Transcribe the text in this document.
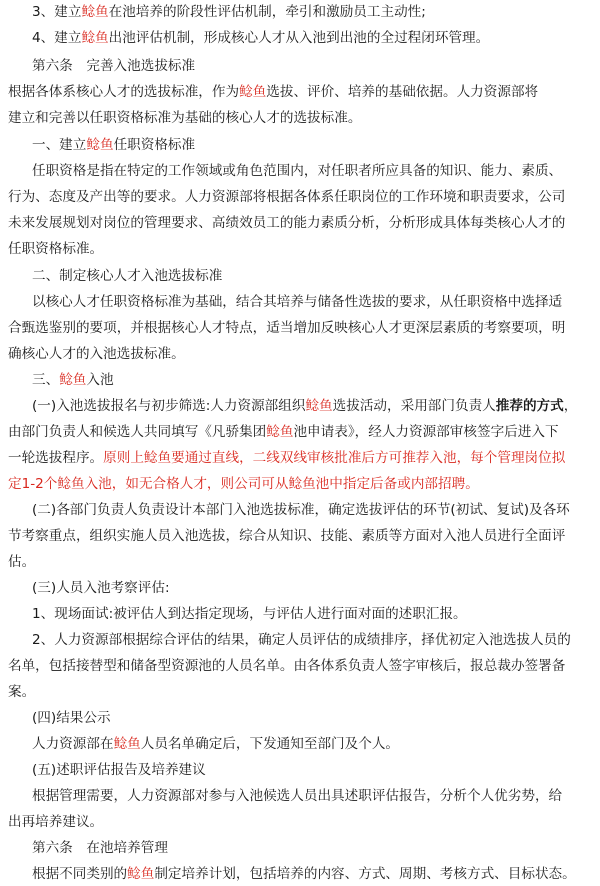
3、建立鲶鱼在池培养的阶段性评估机制，牵引和激励员工主动性;
4、建立鲶鱼出池评估机制，形成核心人才从入池到出池的全过程闭环管理。
第六条　完善入池选拔标准
根据各体系核心人才的选拔标准，作为鲶鱼选拔、评价、培养的基础依据。人力资源部将
建立和完善以任职资格标准为基础的核心人才的选拔标准。
一、建立鲶鱼任职资格标准
任职资格是指在特定的工作领域或角色范围内，对任职者所应具备的知识、能力、素质、
行为、态度及产出等的要求。人力资源部将根据各体系任职岗位的工作环境和职责要求，公司
未来发展规划对岗位的管理要求、高绩效员工的能力素质分析，分析形成具体每类核心人才的
任职资格标准。
二、制定核心人才入池选拔标准
以核心人才任职资格标准为基础，结合其培养与储备性选拔的要求，从任职资格中选择适
合甄选鉴别的要项，并根据核心人才特点，适当增加反映核心人才更深层素质的考察要项，明
确核心人才的入池选拔标准。
三、鲶鱼入池
(一)入池选拔报名与初步筛选:人力资源部组织鲶鱼选拔活动，采用部门负责人推荐的方式，
由部门负责人和候选人共同填写《凡骄集团鲶鱼池申请表》，经人力资源部审核签字后进入下
一轮选拔程序。原则上鲶鱼要通过直线，二线双线审核批准后方可推荐入池，每个管理岗位拟
定1-2个鲶鱼入池，如无合格人才，则公司可从鲶鱼池中指定后备或内部招聘。
(二)各部门负责人负责设计本部门入池选拔标准，确定选拔评估的环节(初试、复试)及各环
节考察重点，组织实施人员入池选拔，综合从知识、技能、素质等方面对入池人员进行全面评
估。
(三)人员入池考察评估:
1、现场面试:被评估人到达指定现场，与评估人进行面对面的述职汇报。
2、人力资源部根据综合评估的结果，确定人员评估的成绩排序，择优初定入池选拔人员的
名单，包括接替型和储备型资源池的人员名单。由各体系负责人签字审核后，报总裁办签署备
案。
(四)结果公示
人力资源部在鲶鱼人员名单确定后，下发通知至部门及个人。
(五)述职评估报告及培养建议
根据管理需要，人力资源部对参与入池候选人员出具述职评估报告，分析个人优劣势，给
出再培养建议。
第六条　在池培养管理
根据不同类别的鲶鱼制定培养计划，包括培养的内容、方式、周期、考核方式、目标状态。
